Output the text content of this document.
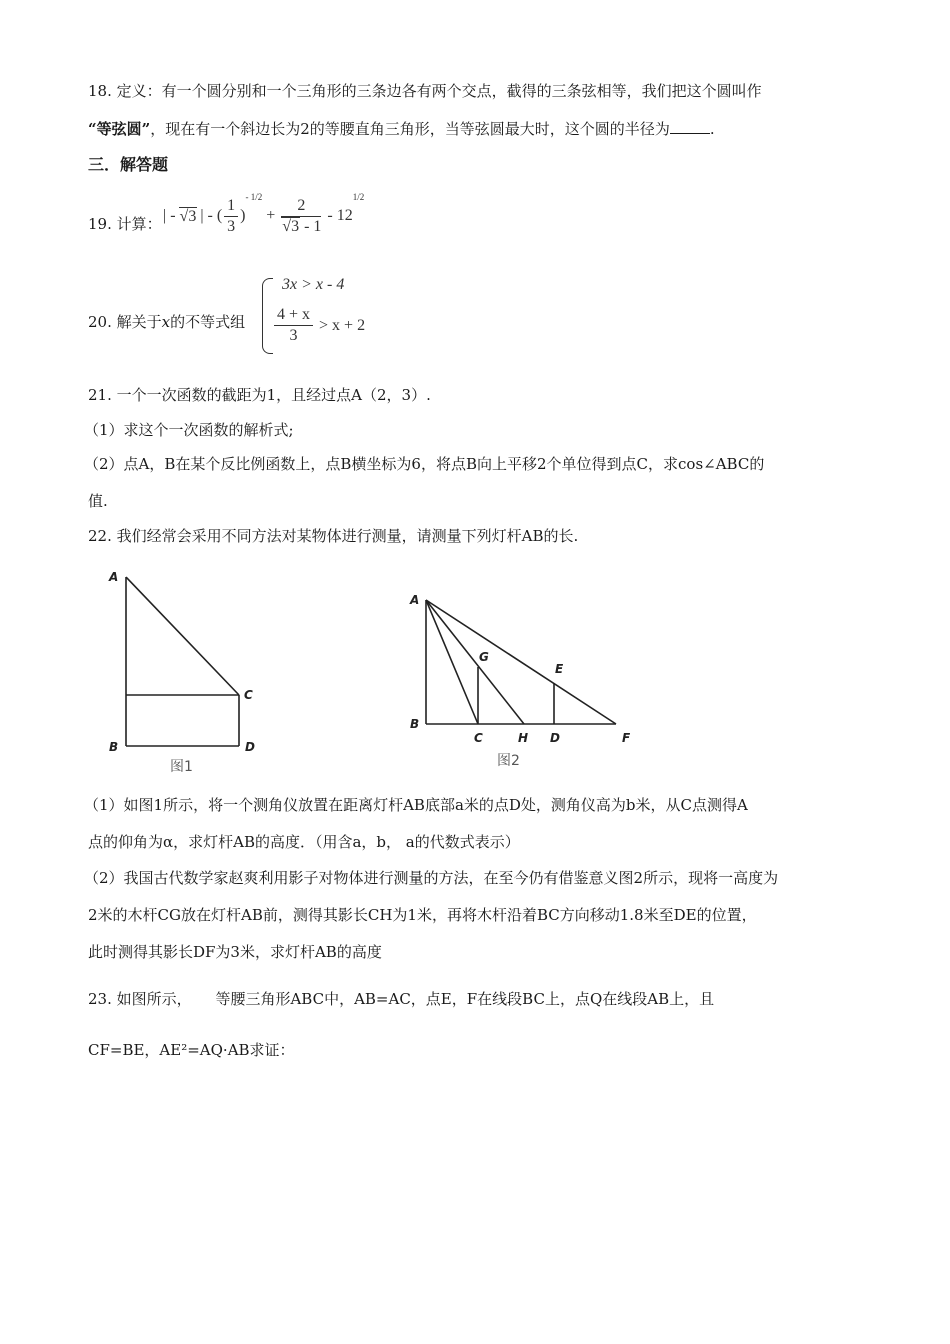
18. 定义：有一个圆分别和一个三角形的三条边各有两个交点，截得的三条弦相等，我们把这个圆叫作
“等弦圆”，现在有一个斜边长为2的等腰直角三角形，当等弦圆最大时，这个圆的半径为	.
三．解答题
19. 计算： | - √3 | - ( $\frac{1}{3}$ )
- 1/2
+ $\frac{2}{√3 - 1} - 12$
1/2
20. 解关于x的不等式组
3x > x - 4
$\frac{4 + x}{3} > x + 2$
21. 一个一次函数的截距为1，且经过点A（2，3）.
（1）求这个一次函数的解析式;
（2）点A，B在某个反比例函数上，点B横坐标为6，将点B向上平移2个单位得到点C，求cos∠ABC的
值.
22. 我们经常会采用不同方法对某物体进行测量，请测量下列灯杆AB的长.
A
B
C
D
图1
A
B
C	H D	F
G
E
图2
（1）如图1所示，将一个测角仪放置在距离灯杆AB底部a米的点D处，测角仪高为b米，从C点测得A
点的仰角为α，求灯杆AB的高度．（用含a，b， a的代数式表示）
（2）我国古代数学家赵爽利用影子对物体进行测量的方法，在至今仍有借鉴意义图2所示，现将一高度为
2米的木杆CG放在灯杆AB前，测得其影长CH为1米，再将木杆沿着BC方向移动1.8米至DE的位置，
此时测得其影长DF为3米，求灯杆AB的高度
23. 如图所示，     等腰三角形ABC中，AB=AC，点E，F在线段BC上，点Q在线段AB上，且
CF=BE，AE²=AQ·AB求证：
